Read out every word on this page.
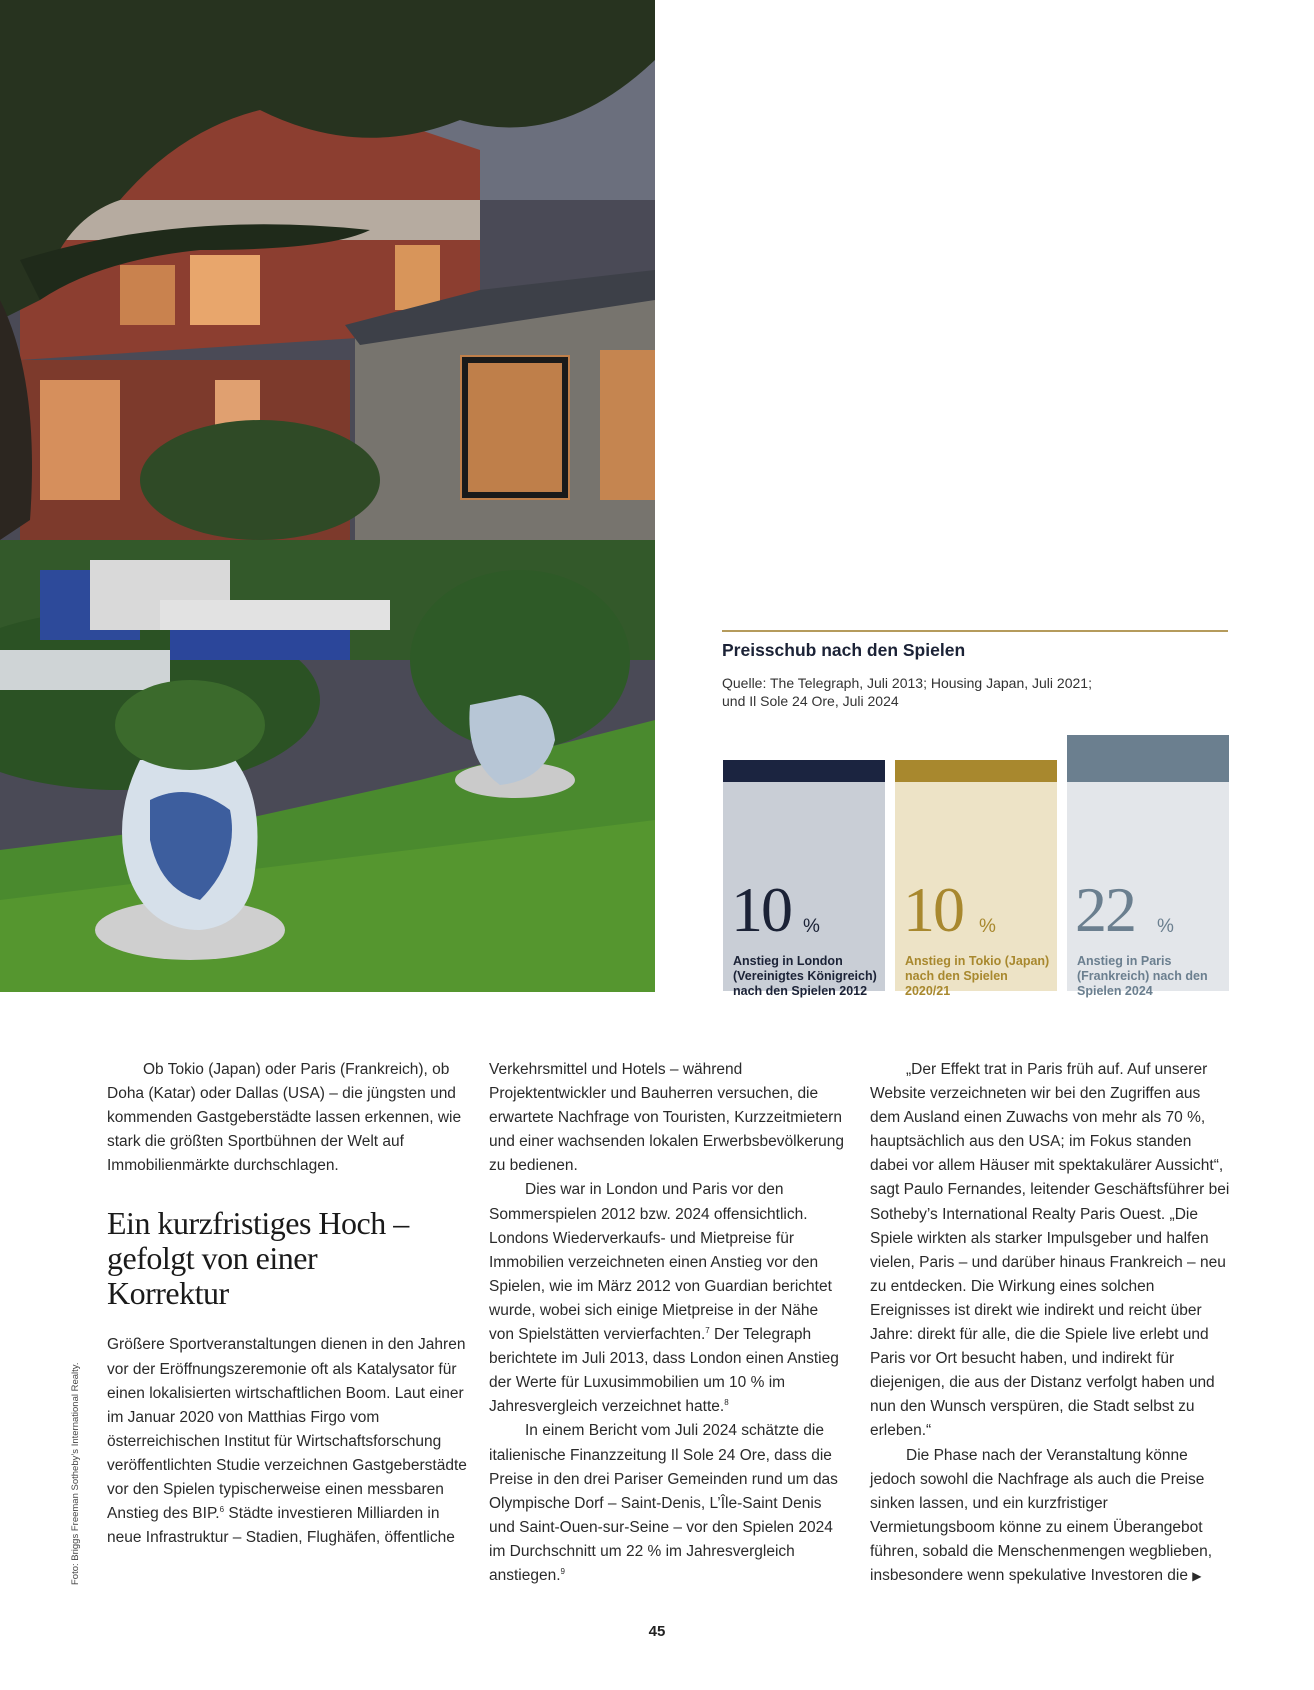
Preisschub nach den Spielen
Quelle: The Telegraph, Juli 2013; Housing Japan, Juli 2021;
und Il Sole 24 Ore, Juli 2024
10 %
Anstieg in London (Vereinigtes Königreich) nach den Spielen 2012
10 %
Anstieg in Tokio (Japan) nach den Spielen 2020/21
22 %
Anstieg in Paris (Frankreich) nach den Spielen 2024

Ob Tokio (Japan) oder Paris (Frankreich), ob Doha (Katar) oder Dallas (USA) – die jüngsten und kommenden Gastgeberstädte lassen erkennen, wie stark die größten Sportbühnen der Welt auf Immobilienmärkte durchschlagen.

Ein kurzfristiges Hoch –
gefolgt von einer
Korrektur

Größere Sportveranstaltungen dienen in den Jahren vor der Eröffnungszeremonie oft als Katalysator für einen lokalisierten wirtschaftlichen Boom. Laut einer im Januar 2020 von Matthias Firgo vom österreichischen Institut für Wirtschaftsforschung veröffentlichten Studie verzeichnen Gastgeberstädte vor den Spielen typischerweise einen messbaren Anstieg des BIP.$^6$ Städte investieren Milliarden in neue Infrastruktur – Stadien, Flughäfen, öffentliche

Verkehrsmittel und Hotels – während Projektentwickler und Bauherren versuchen, die erwartete Nachfrage von Touristen, Kurzzeitmietern und einer wachsenden lokalen Erwerbsbevölkerung zu bedienen.

Dies war in London und Paris vor den Sommerspielen 2012 bzw. 2024 offensichtlich. Londons Wiederverkaufs- und Mietpreise für Immobilien verzeichneten einen Anstieg vor den Spielen, wie im März 2012 von Guardian berichtet wurde, wobei sich einige Mietpreise in der Nähe von Spielstätten vervierfachten.$^7$ Der Telegraph berichtete im Juli 2013, dass London einen Anstieg der Werte für Luxusimmobilien um 10 % im Jahresvergleich verzeichnet hatte.$^8$

In einem Bericht vom Juli 2024 schätzte die italienische Finanzzeitung Il Sole 24 Ore, dass die Preise in den drei Pariser Gemeinden rund um das Olympische Dorf – Saint-Denis, L’Île-Saint Denis und Saint-Ouen-sur-Seine – vor den Spielen 2024 im Durchschnitt um 22 % im Jahresvergleich anstiegen.$^9$

„Der Effekt trat in Paris früh auf. Auf unserer Website verzeichneten wir bei den Zugriffen aus dem Ausland einen Zuwachs von mehr als 70 %, hauptsächlich aus den USA; im Fokus standen dabei vor allem Häuser mit spektakulärer Aussicht“, sagt Paulo Fernandes, leitender Geschäftsführer bei Sotheby’s International Realty Paris Ouest. „Die Spiele wirkten als starker Impulsgeber und halfen vielen, Paris – und darüber hinaus Frankreich – neu zu entdecken. Die Wirkung eines solchen Ereignisses ist direkt wie indirekt und reicht über Jahre: direkt für alle, die die Spiele live erlebt und Paris vor Ort besucht haben, und indirekt für diejenigen, die aus der Distanz verfolgt haben und nun den Wunsch verspüren, die Stadt selbst zu erleben.“

Die Phase nach der Veranstaltung könne jedoch sowohl die Nachfrage als auch die Preise sinken lassen, und ein kurzfristiger Vermietungsboom könne zu einem Überangebot führen, sobald die Menschenmengen wegblieben, insbesondere wenn spekulative Investoren die ▶

Foto: Briggs Freeman Sotheby’s International Realty.
45
